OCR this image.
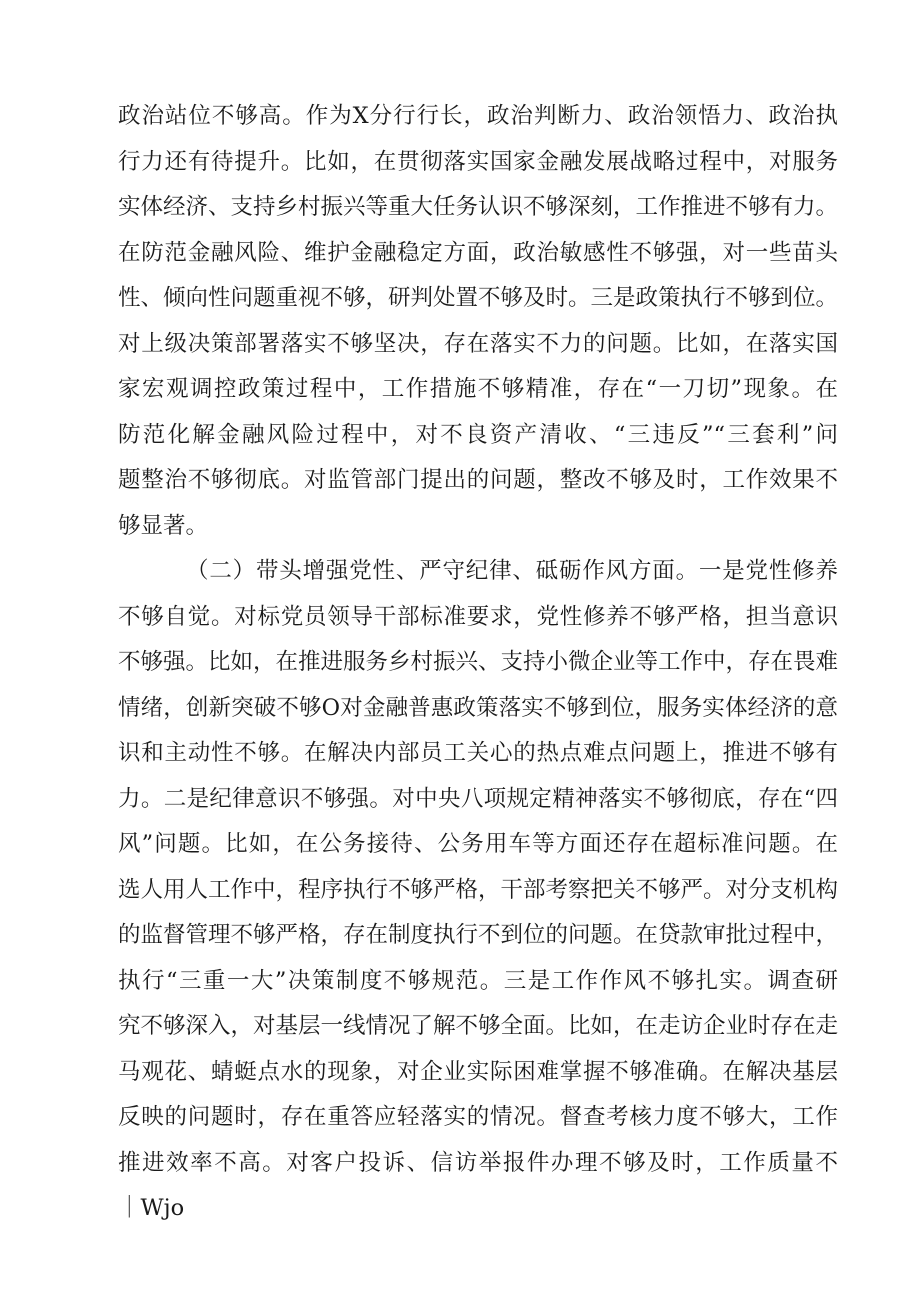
政治站位不够高。作为X分行行长，政治判断力、政治领悟力、政治执
行力还有待提升。比如，在贯彻落实国家金融发展战略过程中，对服务
实体经济、支持乡村振兴等重大任务认识不够深刻，工作推进不够有力。
在防范金融风险、维护金融稳定方面，政治敏感性不够强，对一些苗头
性、倾向性问题重视不够，研判处置不够及时。三是政策执行不够到位。
对上级决策部署落实不够坚决，存在落实不力的问题。比如，在落实国
家宏观调控政策过程中，工作措施不够精准，存在“一刀切”现象。在
防范化解金融风险过程中，对不良资产清收、“三违反”“三套利”问
题整治不够彻底。对监管部门提出的问题，整改不够及时，工作效果不
够显著。
（二）带头增强党性、严守纪律、砥砺作风方面。一是党性修养
不够自觉。对标党员领导干部标准要求，党性修养不够严格，担当意识
不够强。比如，在推进服务乡村振兴、支持小微企业等工作中，存在畏难
情绪，创新突破不够O对金融普惠政策落实不够到位，服务实体经济的意
识和主动性不够。在解决内部员工关心的热点难点问题上，推进不够有
力。二是纪律意识不够强。对中央八项规定精神落实不够彻底，存在“四
风”问题。比如，在公务接待、公务用车等方面还存在超标准问题。在
选人用人工作中，程序执行不够严格，干部考察把关不够严。对分支机构
的监督管理不够严格，存在制度执行不到位的问题。在贷款审批过程中，
执行“三重一大”决策制度不够规范。三是工作作风不够扎实。调查研
究不够深入，对基层一线情况了解不够全面。比如，在走访企业时存在走
马观花、蜻蜓点水的现象，对企业实际困难掌握不够准确。在解决基层
反映的问题时，存在重答应轻落实的情况。督查考核力度不够大，工作
推进效率不高。对客户投诉、信访举报件办理不够及时，工作质量不
｜Wjo
